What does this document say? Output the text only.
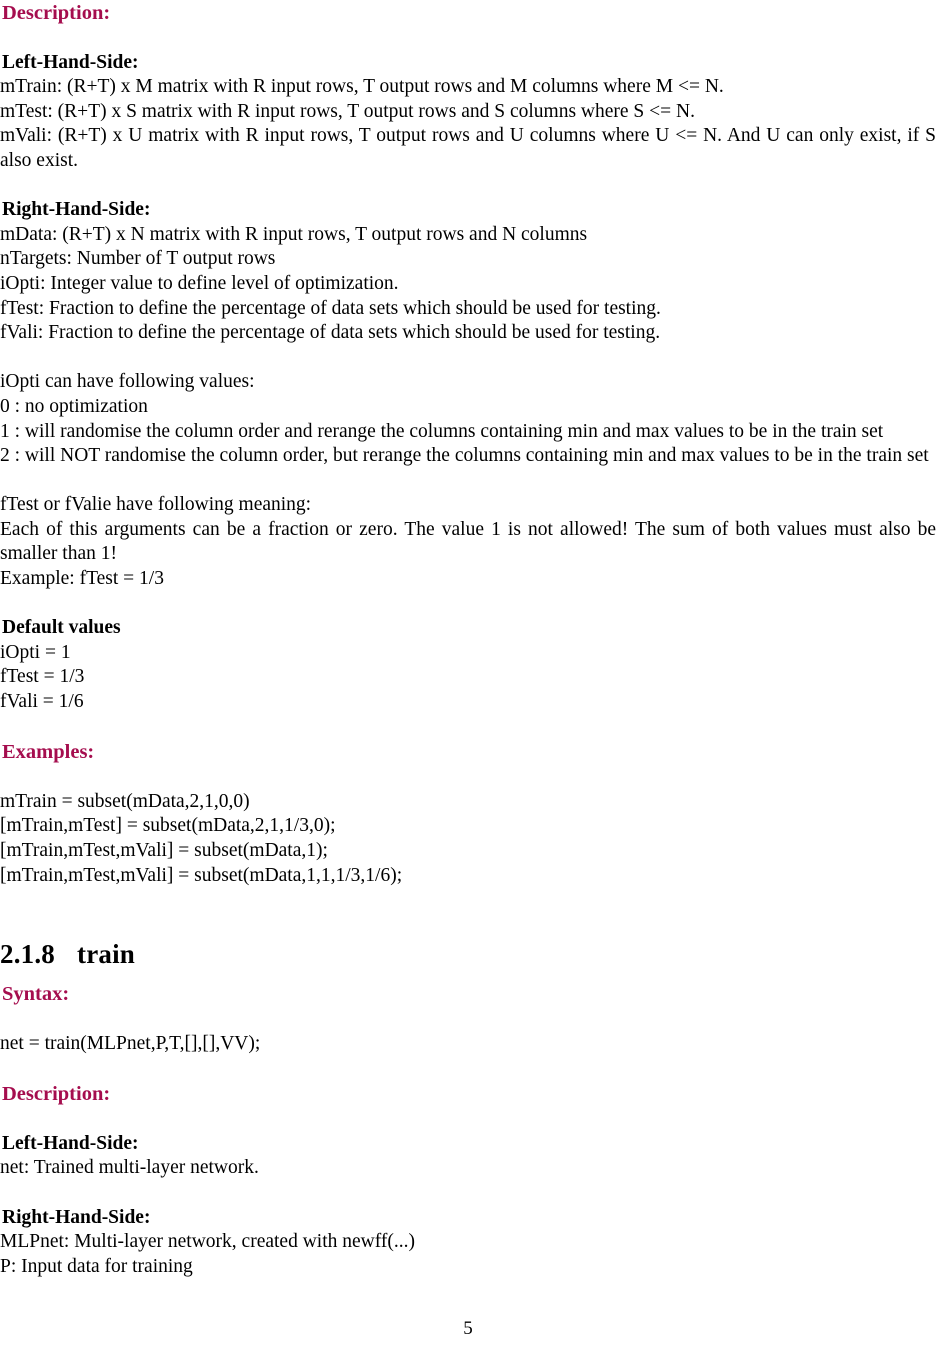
Description:

Left-Hand-Side:

mTrain: (R+T) x M matrix with R input rows, T output rows and M columns where M <= N.

mTest: (R+T) x S matrix with R input rows, T output rows and S columns where S <= N.

mVali: (R+T) x U matrix with R input rows, T output rows and U columns where U <= N. And U can only exist, if S also exist.

Right-Hand-Side:

mData: (R+T) x N matrix with R input rows, T output rows and N columns

nTargets: Number of T output rows

iOpti: Integer value to define level of optimization.

fTest: Fraction to define the percentage of data sets which should be used for testing.

fVali: Fraction to define the percentage of data sets which should be used for testing.

iOpti can have following values:

0 : no optimization

1 : will randomise the column order and rerange the columns containing min and max values to be in the train set

2 : will NOT randomise the column order, but rerange the columns containing min and max values to be in the train set

fTest or fValie have following meaning:

Each of this arguments can be a fraction or zero. The value 1 is not allowed! The sum of both values must also be smaller than 1!

Example: fTest = 1/3

Default values

iOpti = 1

fTest = 1/3

fVali = 1/6

Examples:

mTrain = subset(mData,2,1,0,0)

[mTrain,mTest] = subset(mData,2,1,1/3,0);

[mTrain,mTest,mVali] = subset(mData,1);

[mTrain,mTest,mVali] = subset(mData,1,1,1/3,1/6);

2.1.8 train

Syntax:

net = train(MLPnet,P,T,[],[],VV);

Description:

Left-Hand-Side:

net: Trained multi-layer network.

Right-Hand-Side:

MLPnet: Multi-layer network, created with newff(...)

P: Input data for training

5
